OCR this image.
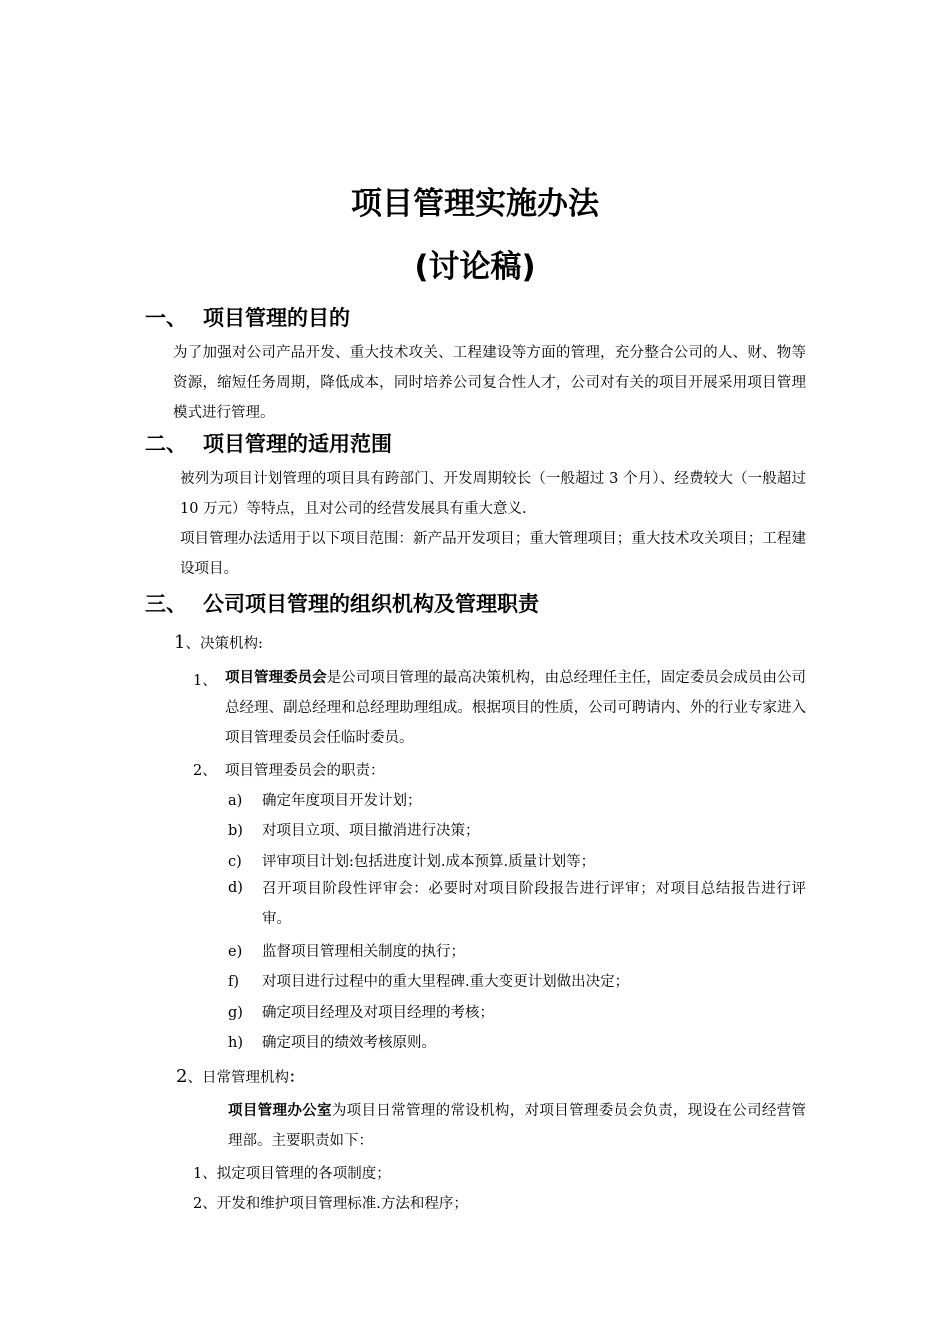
项目管理实施办法
(讨论稿)
一、 项目管理的目的

为了加强对公司产品开发、重大技术攻关、工程建设等方面的管理，充分整合公司的人、财、物等资源，缩短任务周期，降低成本，同时培养公司复合性人才，公司对有关的项目开展采用项目管理模式进行管理。

二、 项目管理的适用范围

被列为项目计划管理的项目具有跨部门、开发周期较长（一般超过 3 个月）、经费较大（一般超过 10 万元）等特点，且对公司的经营发展具有重大意义.

项目管理办法适用于以下项目范围：新产品开发项目；重大管理项目；重大技术攻关项目；工程建设项目。

三、 公司项目管理的组织机构及管理职责
1、决策机构:
1、 项目管理委员会是公司项目管理的最高决策机构，由总经理任主任，固定委员会成员由公司总经理、副总经理和总经理助理组成。根据项目的性质，公司可聘请内、外的行业专家进入项目管理委员会任临时委员。

2、 项目管理委员会的职责：
a) 确定年度项目开发计划；
b) 对项目立项、项目撤消进行决策；
c) 评审项目计划:包括进度计划.成本预算.质量计划等；
d) 召开项目阶段性评审会：必要时对项目阶段报告进行评审；对项目总结报告进行评审。

e) 监督项目管理相关制度的执行；
f) 对项目进行过程中的重大里程碑.重大变更计划做出决定；
g) 确定项目经理及对项目经理的考核；
h) 确定项目的绩效考核原则。
2、日常管理机构：

项目管理办公室为项目日常管理的常设机构，对项目管理委员会负责，现设在公司经营管理部。主要职责如下：

1、拟定项目管理的各项制度；
2、开发和维护项目管理标准.方法和程序；
